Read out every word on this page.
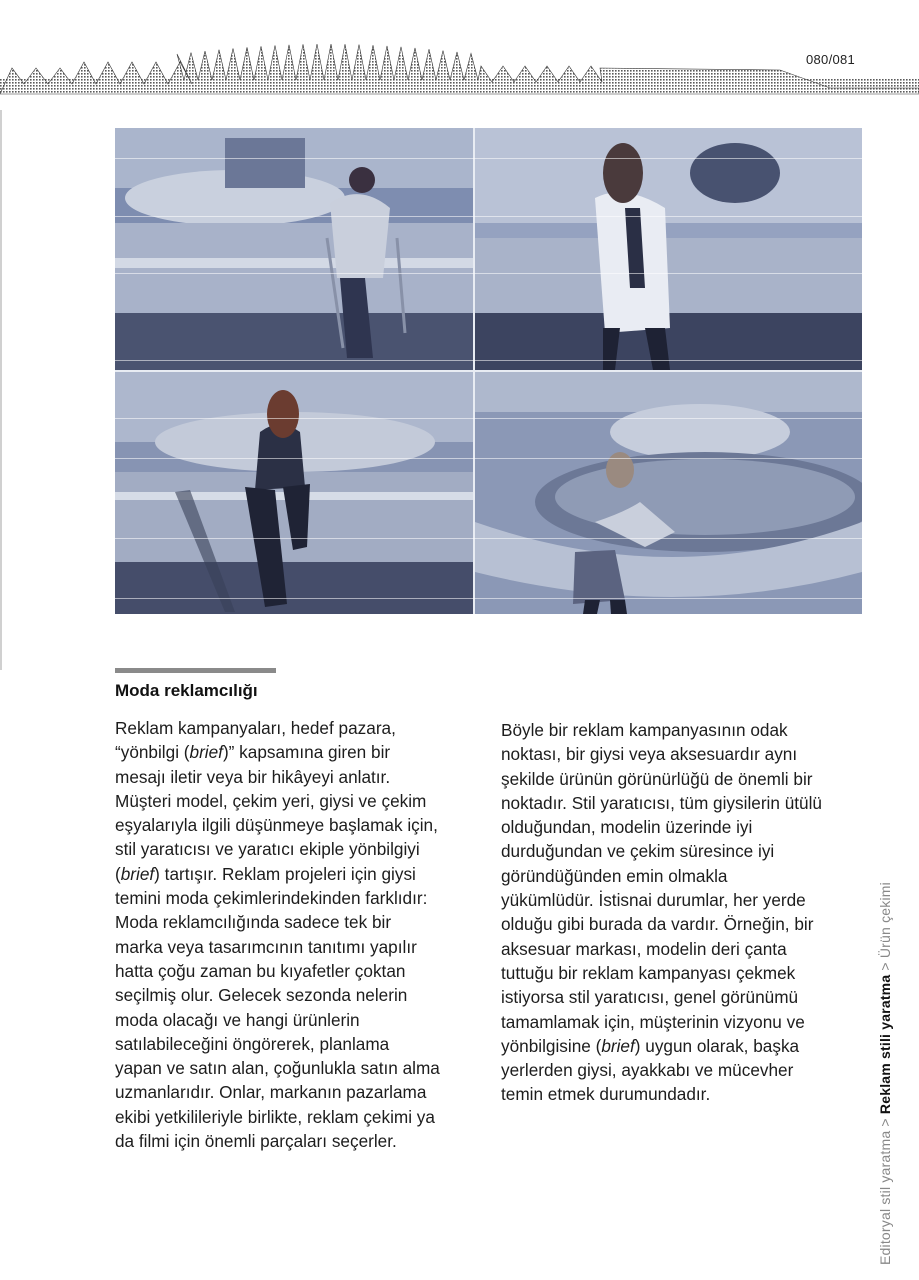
080/081
Moda reklamcılığı
Reklam kampanyaları, hedef pazara,
“yönbilgi (brief)” kapsamına giren bir
mesajı iletir veya bir hikâyeyi anlatır.
Müşteri model, çekim yeri, giysi ve çekim
eşyalarıyla ilgili düşünmeye başlamak için,
stil yaratıcısı ve yaratıcı ekiple yönbilgiyi
(brief) tartışır. Reklam projeleri için giysi
temini moda çekimlerindekinden farklıdır:
Moda reklamcılığında sadece tek bir
marka veya tasarımcının tanıtımı yapılır
hatta çoğu zaman bu kıyafetler çoktan
seçilmiş olur. Gelecek sezonda nelerin
moda olacağı ve hangi ürünlerin
satılabileceğini öngörerek, planlama
yapan ve satın alan, çoğunlukla satın alma
uzmanlarıdır. Onlar, markanın pazarlama
ekibi yetkilileriyle birlikte, reklam çekimi ya
da filmi için önemli parçaları seçerler.
Böyle bir reklam kampanyasının odak
noktası, bir giysi veya aksesuardır aynı
şekilde ürünün görünürlüğü de önemli bir
noktadır. Stil yaratıcısı, tüm giysilerin ütülü
olduğundan, modelin üzerinde iyi
durduğundan ve çekim süresince iyi
göründüğünden emin olmakla
yükümlüdür. İstisnai durumlar, her yerde
olduğu gibi burada da vardır. Örneğin, bir
aksesuar markası, modelin deri çanta
tuttuğu bir reklam kampanyası çekmek
istiyorsa stil yaratıcısı, genel görünümü
tamamlamak için, müşterinin vizyonu ve
yönbilgisine (brief) uygun olarak, başka
yerlerden giysi, ayakkabı ve mücevher
temin etmek durumundadır.
Editoryal stil yaratma > Reklam stili yaratma > Ürün çekimi
